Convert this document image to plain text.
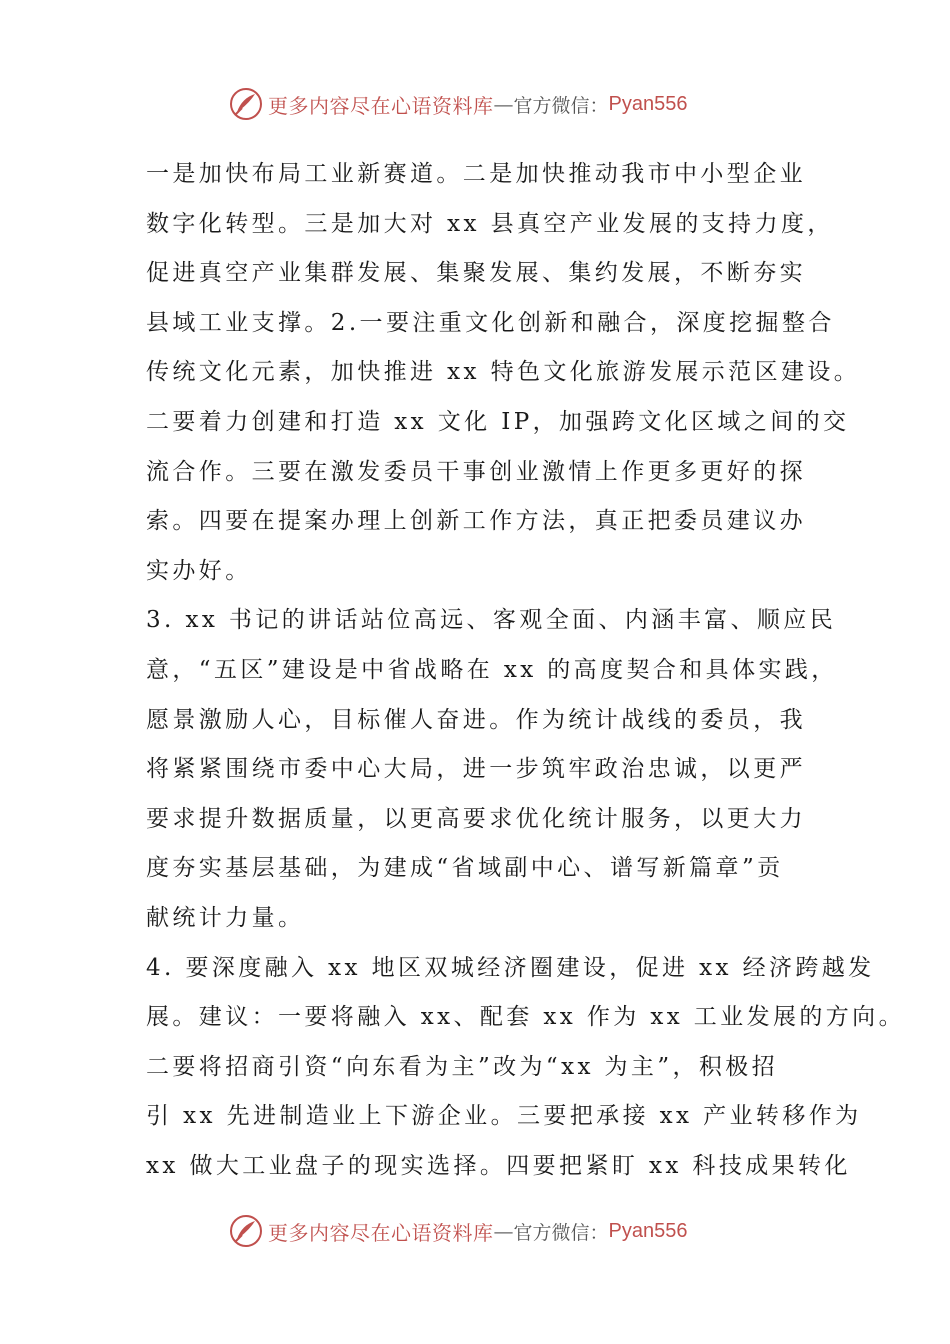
更多内容尽在心语资料库 — 官方微信： Pyan556
一是加快布局工业新赛道。二是加快推动我市中小型企业
数字化转型。三是加大对 xx 县真空产业发展的支持力度，
促进真空产业集群发展、集聚发展、集约发展，不断夯实
县域工业支撑。2.一要注重文化创新和融合，深度挖掘整合
传统文化元素，加快推进 xx 特色文化旅游发展示范区建设。
二要着力创建和打造 xx 文化 IP，加强跨文化区域之间的交
流合作。三要在激发委员干事创业激情上作更多更好的探
索。四要在提案办理上创新工作方法，真正把委员建议办
实办好。
3. xx 书记的讲话站位高远、客观全面、内涵丰富、顺应民
意，“五区”建设是中省战略在 xx 的高度契合和具体实践，
愿景激励人心，目标催人奋进。作为统计战线的委员，我
将紧紧围绕市委中心大局，进一步筑牢政治忠诚，以更严
要求提升数据质量，以更高要求优化统计服务，以更大力
度夯实基层基础，为建成“省域副中心、谱写新篇章”贡
献统计力量。
4. 要深度融入 xx 地区双城经济圈建设，促进 xx 经济跨越发
展。建议：一要将融入 xx、配套 xx 作为 xx 工业发展的方向。
二要将招商引资“向东看为主”改为“xx 为主”，积极招
引 xx 先进制造业上下游企业。三要把承接 xx 产业转移作为
xx 做大工业盘子的现实选择。四要把紧盯 xx 科技成果转化
更多内容尽在心语资料库 — 官方微信： Pyan556
